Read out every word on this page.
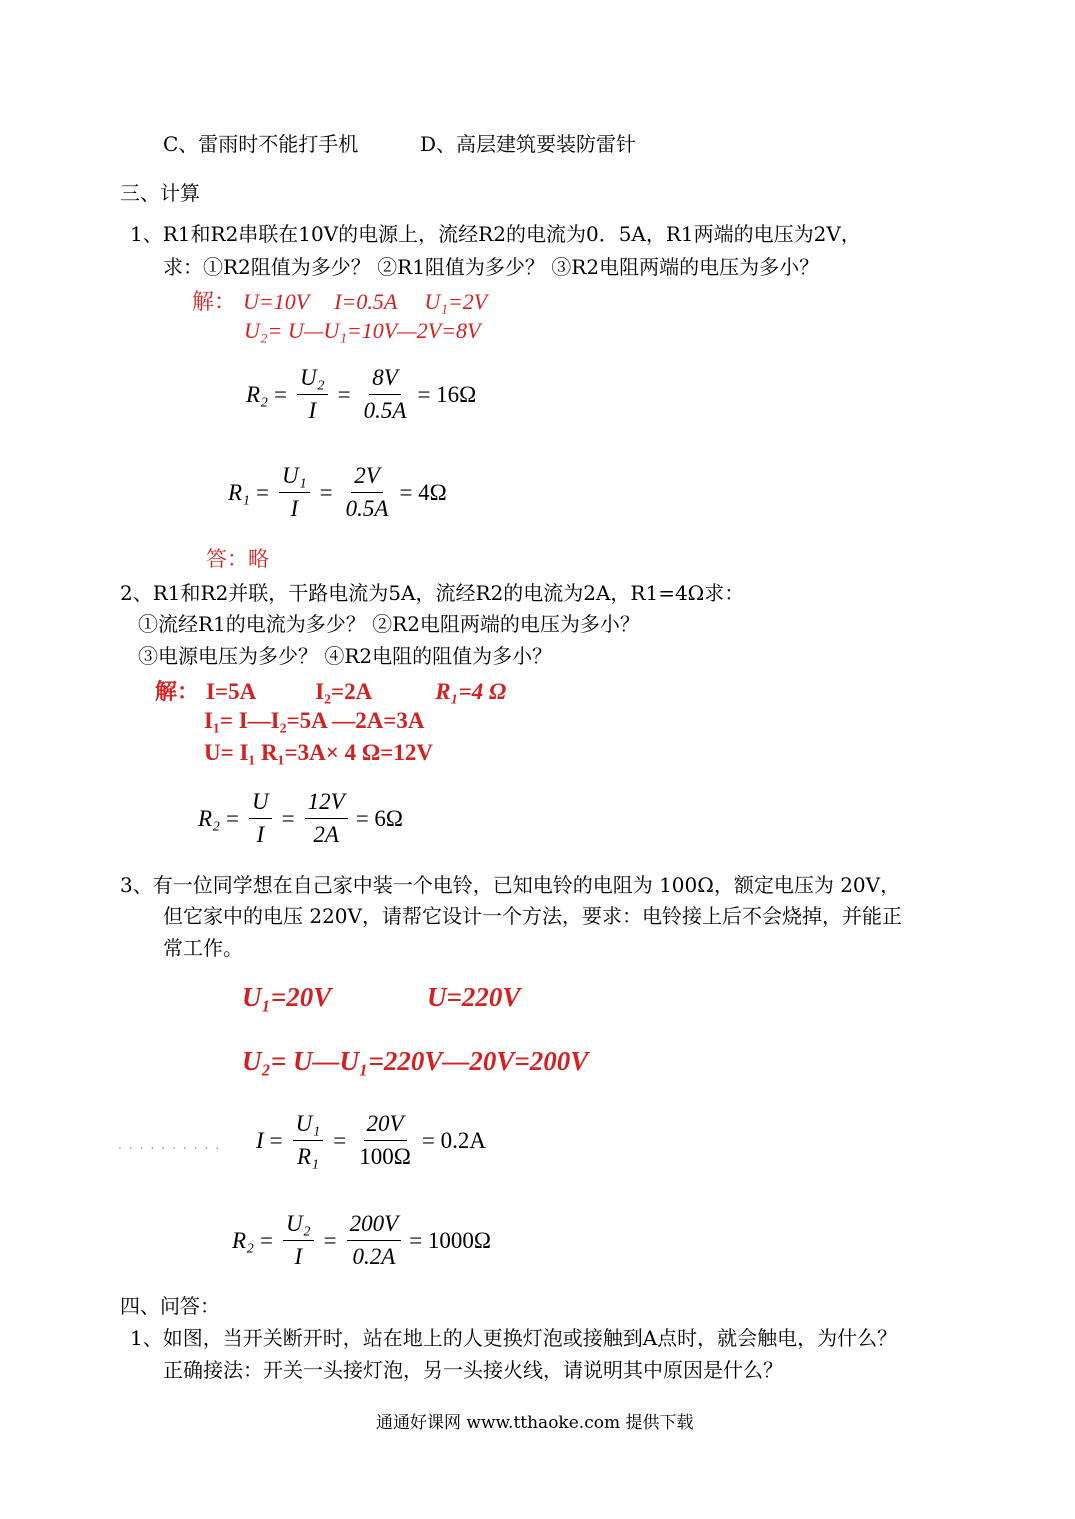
C、雷雨时不能打手机	D、高层建筑要装防雷针
三、计算
1、R1和R2串联在10V的电源上，流经R2的电流为0．5A，R1两端的电压为2V，
求：①R2阻值为多少？ ②R1阻值为多少？ ③R2电阻两端的电压为多小？
解： U=10V I=0.5A U₁=2V
U₂= U—U₁=10V—2V=8V
$R_2 = \frac{\text{U₂}}{I} = \frac{8V}{0.5A} = 16\Omega$
$R_1 = \frac{\text{U₁}}{I} = \frac{2V}{0.5A} = 4\Omega$
答：略
2、R1和R2并联，干路电流为5A，流经R2的电流为2A，R1=4Ω求：
①流经R1的电流为多少？ ②R2电阻两端的电压为多小？
③电源电压为多少？ ④R2电阻的阻值为多小？
解： I=5A	I₂=2A	R₁=4 Ω
I₁= I—I₂=5A —2A=3A
U= I₁ R₁=3A× 4 Ω=12V
$R_2 = \frac{U}{I} = \frac{12V}{2A} = 6\Omega$
3、有一位同学想在自己家中装一个电铃，已知电铃的电阻为 100Ω，额定电压为 20V，
但它家中的电压 220V，请帮它设计一个方法，要求：电铃接上后不会烧掉，并能正
常工作。
U₁=20V	U=220V
U₂= U—U₁=220V—20V=200V
.......... $I = \frac{\text{U₁}}{\text{R₁}} = \frac{20V}{100\Omega} = 0.2A$
$R_2 = \frac{\text{U₂}}{I} = \frac{200V}{0.2A} = 1000\Omega$
四、问答：
1、如图，当开关断开时，站在地上的人更换灯泡或接触到A点时，就会触电，为什么？
正确接法：开关一头接灯泡，另一头接火线，请说明其中原因是什么？
通通好课网 www.tthaoke.com 提供下载
